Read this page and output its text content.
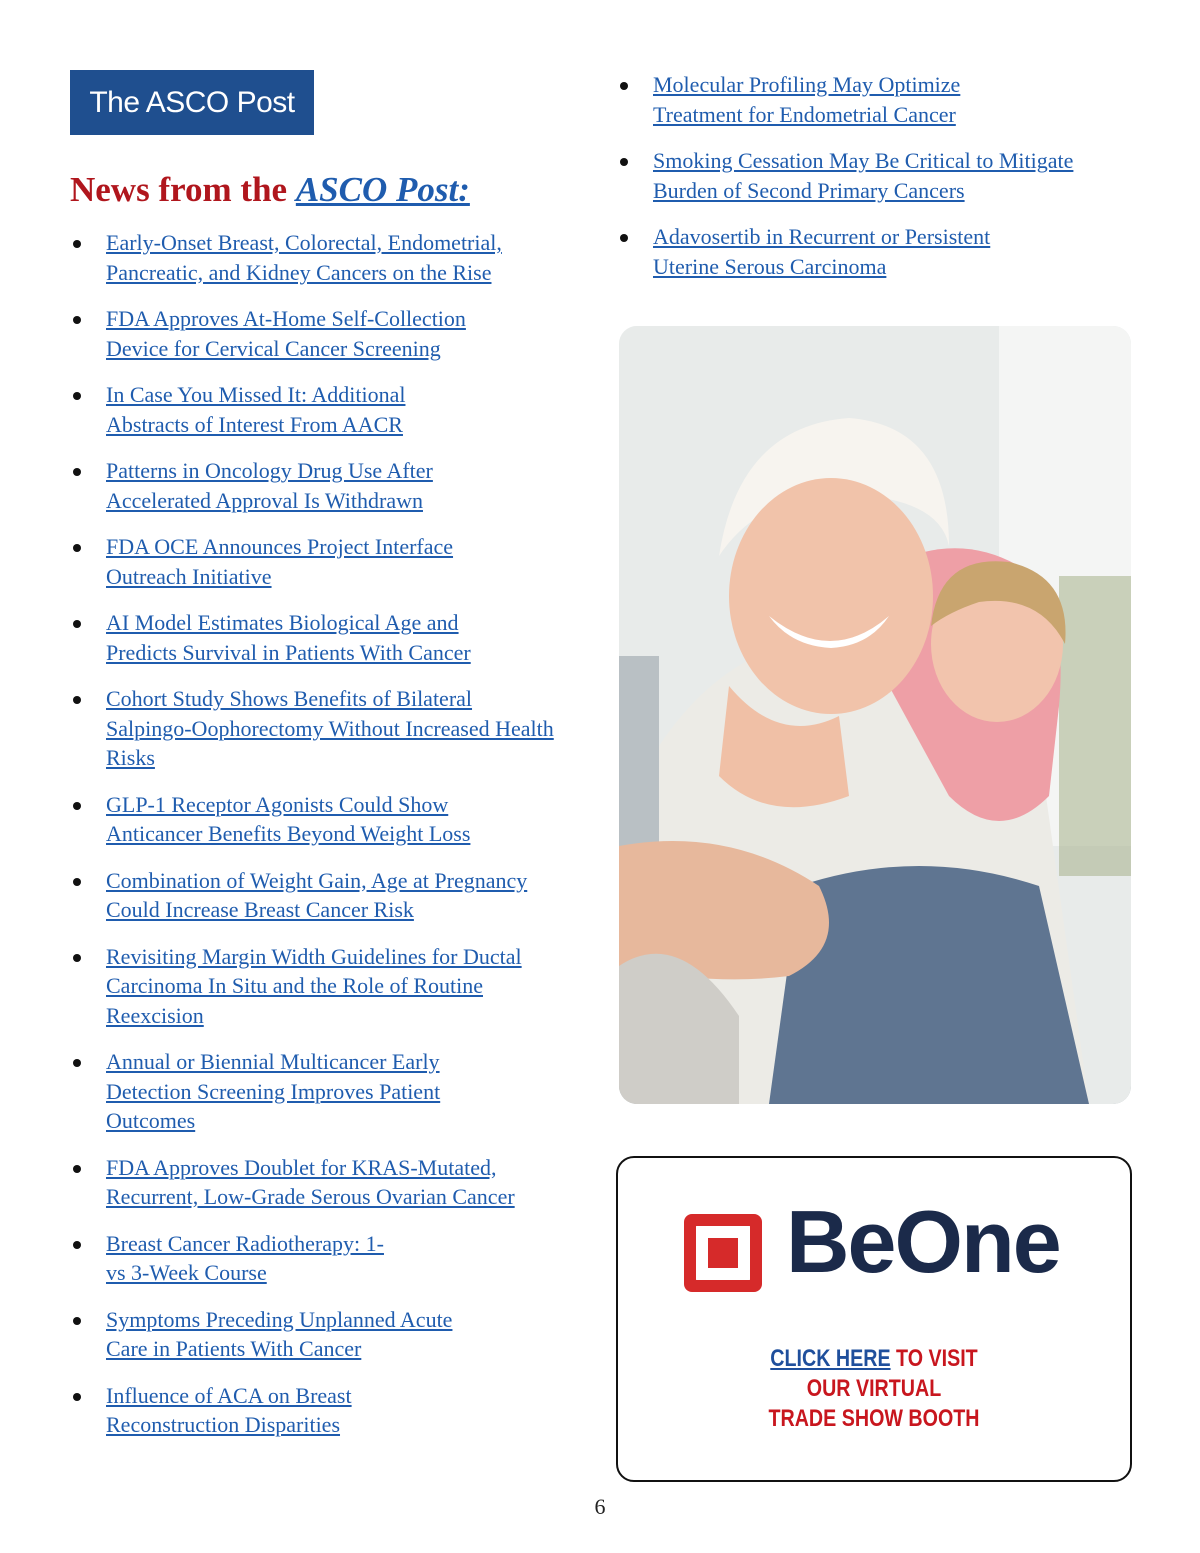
The ASCO Post
News from the ASCO Post:
Early-Onset Breast, Colorectal, Endometrial, Pancreatic, and Kidney Cancers on the Rise
FDA Approves At-Home Self-Collection Device for Cervical Cancer Screening
In Case You Missed It: Additional Abstracts of Interest From AACR
Patterns in Oncology Drug Use After Accelerated Approval Is Withdrawn
FDA OCE Announces Project Interface Outreach Initiative
AI Model Estimates Biological Age and Predicts Survival in Patients With Cancer
Cohort Study Shows Benefits of Bilateral Salpingo-Oophorectomy Without Increased Health Risks
GLP-1 Receptor Agonists Could Show Anticancer Benefits Beyond Weight Loss
Combination of Weight Gain, Age at Pregnancy Could Increase Breast Cancer Risk
Revisiting Margin Width Guidelines for Ductal Carcinoma In Situ and the Role of Routine Reexcision
Annual or Biennial Multicancer Early Detection Screening Improves Patient Outcomes
FDA Approves Doublet for KRAS-Mutated, Recurrent, Low-Grade Serous Ovarian Cancer
Breast Cancer Radiotherapy: 1- vs 3-Week Course
Symptoms Preceding Unplanned Acute Care in Patients With Cancer
Influence of ACA on Breast Reconstruction Disparities
Molecular Profiling May Optimize Treatment for Endometrial Cancer
Smoking Cessation May Be Critical to Mitigate Burden of Second Primary Cancers
Adavosertib in Recurrent or Persistent Uterine Serous Carcinoma
BeOne
CLICK HERE TO VISIT
OUR VIRTUAL
TRADE SHOW BOOTH
6
